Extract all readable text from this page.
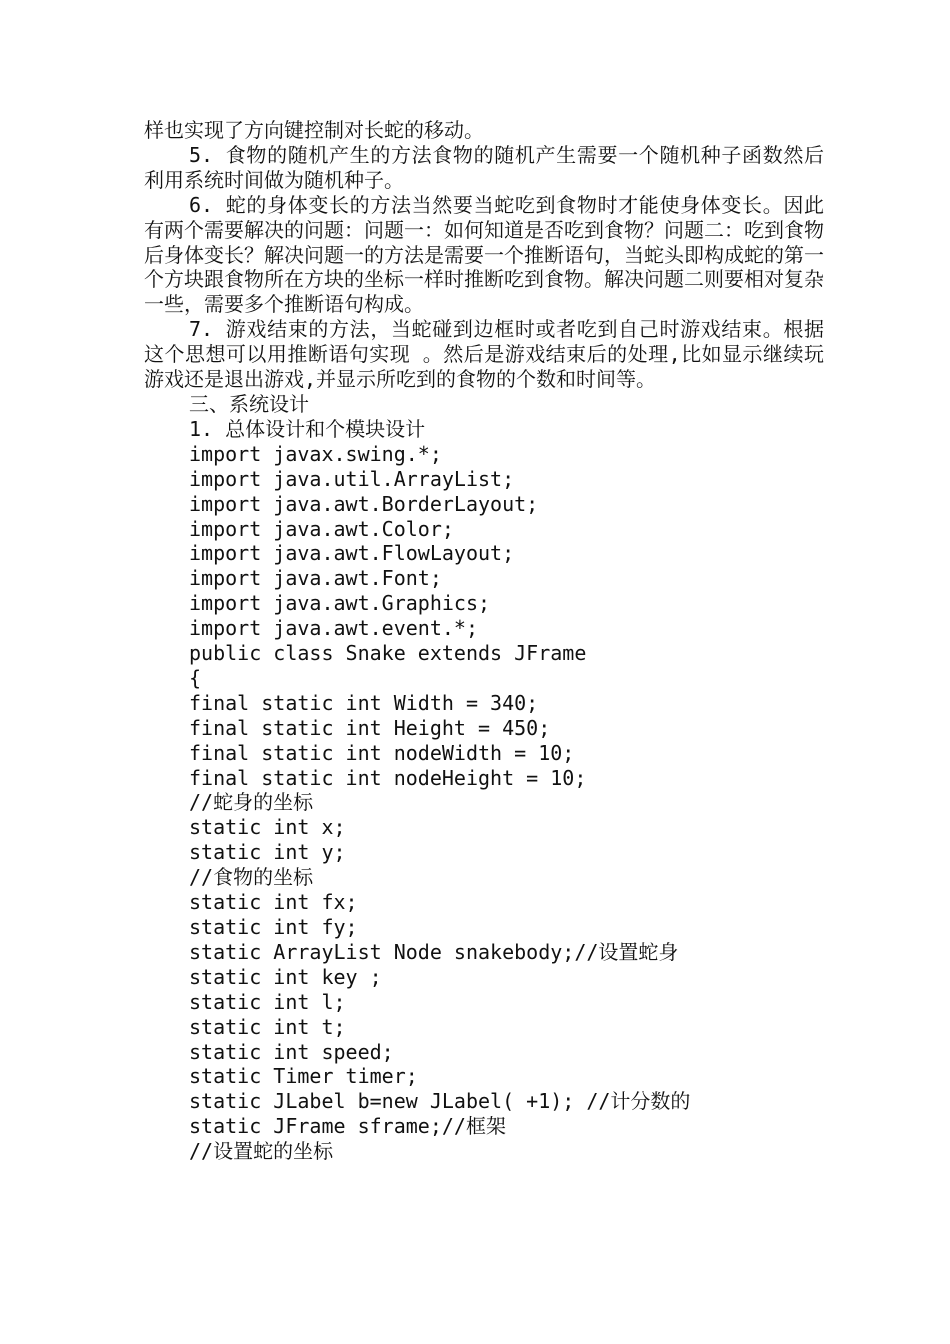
样也实现了方向键控制对长蛇的移动。

5. 食物的随机产生的方法食物的随机产生需要一个随机种子函数然后利用系统时间做为随机种子。

6. 蛇的身体变长的方法当然要当蛇吃到食物时才能使身体变长。因此有两个需要解决的问题：问题一：如何知道是否吃到食物？问题二：吃到食物后身体变长？解决问题一的方法是需要一个推断语句，当蛇头即构成蛇的第一个方块跟食物所在方块的坐标一样时推断吃到食物。解决问题二则要相对复杂一些，需要多个推断语句构成。

7. 游戏结束的方法，当蛇碰到边框时或者吃到自己时游戏结束。根据这个思想可以用推断语句实现 。然后是游戏结束后的处理,比如显示继续玩游戏还是退出游戏,并显示所吃到的食物的个数和时间等。

三、系统设计

1. 总体设计和个模块设计

import javax.swing.*;
import java.util.ArrayList;
import java.awt.BorderLayout;
import java.awt.Color;
import java.awt.FlowLayout;
import java.awt.Font;
import java.awt.Graphics;
import java.awt.event.*;
public class Snake extends JFrame
{
final static int Width = 340;
final static int Height = 450;
final static int nodeWidth = 10;
final static int nodeHeight = 10;
//蛇身的坐标
static int x;
static int y;
//食物的坐标
static int fx;
static int fy;
static ArrayList Node snakebody;//设置蛇身
static int key ;
static int l;
static int t;
static int speed;
static Timer timer;
static JLabel b=new JLabel( +1); //计分数的
static JFrame sframe;//框架
//设置蛇的坐标
